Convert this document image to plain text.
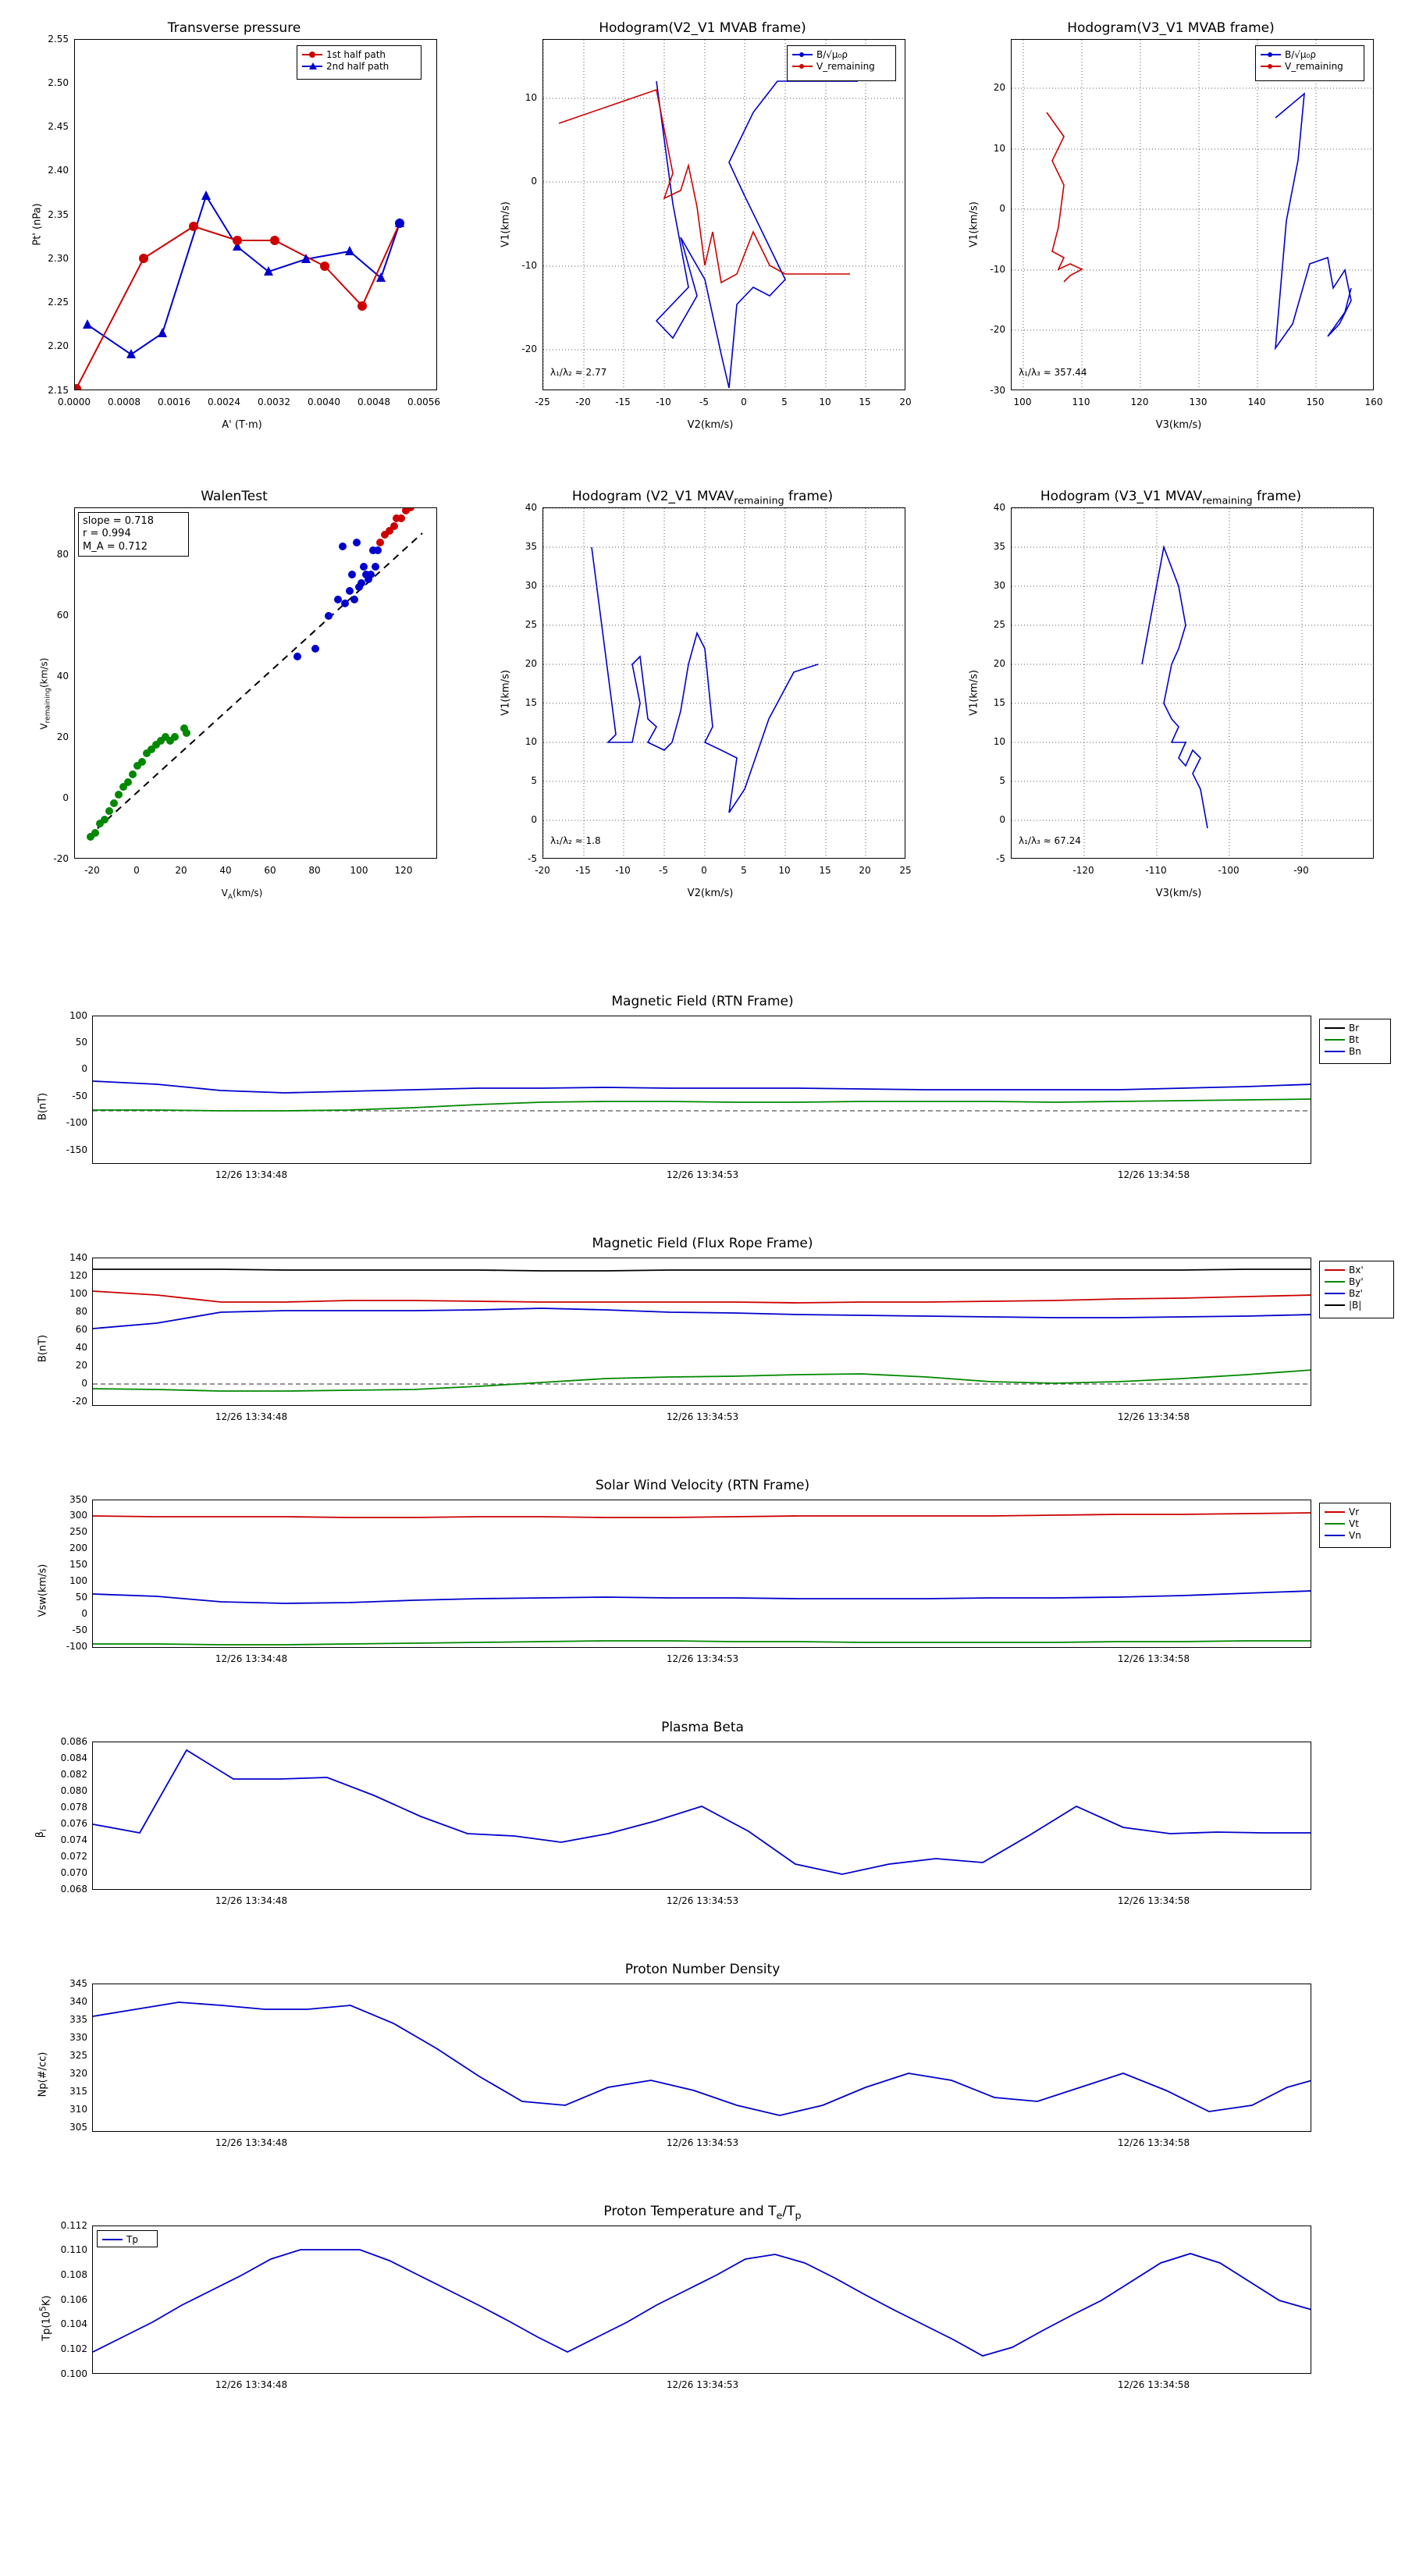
Transverse pressure
Pt' (nPa)
A' (T·m)
1st half path
2nd half path
2.55
2.50
2.45
2.40
2.35
2.30
2.25
2.20
2.15
0.0000 0.0008 0.0016 0.0024 0.0032 0.0040 0.0048 0.0056
Hodogram(V2_V1 MVAB frame)
V1(km/s)
V2(km/s)
B/√μ₀ρ
V_remaining
λ₁/λ₂ ≈ 2.77
10
0
-10
-20
-25	-20	-15	-10	-5	0	5	10	15	20
Hodogram(V3_V1 MVAB frame)
V1(km/s)
V3(km/s)
B/√μ₀ρ
V_remaining
λ₁/λ₃ ≈ 357.44
20
10
0
-10
-20
-30
100	110	120	130	140	150	160
WalenTest
$V_{remaining}(km/s)$
$V_A(km/s)$
slope = 0.718
r = 0.994
M_A = 0.712
80
60
40
20
0
-20
-20	0	20	40	60	80	100	120
Hodogram (V2_V1 $MVAV_{remaining}$ frame)
V1(km/s)
V2(km/s)
λ₁/λ₂ ≈ 1.8
40
35
30
25
20
15
10
5
0
-5
-20	-15	-10	-5	0	5	10	15	20	25
Hodogram (V3_V1 $MVAV_{remaining}$ frame)
V1(km/s)
V3(km/s)
λ₁/λ₃ ≈ 67.24
40
35
30
25
20
15
10
5
0
-5
-120	-110	-100	-90
Magnetic Field (RTN Frame)
B(nT)
Br
Bt
Bn
100
50
0
-50
-100
-150
12/26 13:34:48	12/26 13:34:53	12/26 13:34:58
Magnetic Field (Flux Rope Frame)
B(nT)
Bx'
By'
Bz'
|B|
140
120
100
80
60
40
20
0
-20
12/26 13:34:48	12/26 13:34:53	12/26 13:34:58
Solar Wind Velocity (RTN Frame)
Vsw(km/s)
Vr
Vt
Vn
350
300
250
200
150
100
50
0
-50
-100
12/26 13:34:48	12/26 13:34:53	12/26 13:34:58
Plasma Beta
$\beta_i$
0.086
0.084
0.082
0.080
0.078
0.076
0.074
0.072
0.070
0.068
12/26 13:34:48	12/26 13:34:53	12/26 13:34:58
Proton Number Density
Np(#/cc)
345
340
335
330
325
320
315
310
305
12/26 13:34:48	12/26 13:34:53	12/26 13:34:58
Proton Temperature and $T_e/T_p$
$Tp(10^5K)$
Tp
0.112
0.110
0.108
0.106
0.104
0.102
0.100
12/26 13:34:48	12/26 13:34:53	12/26 13:34:58
